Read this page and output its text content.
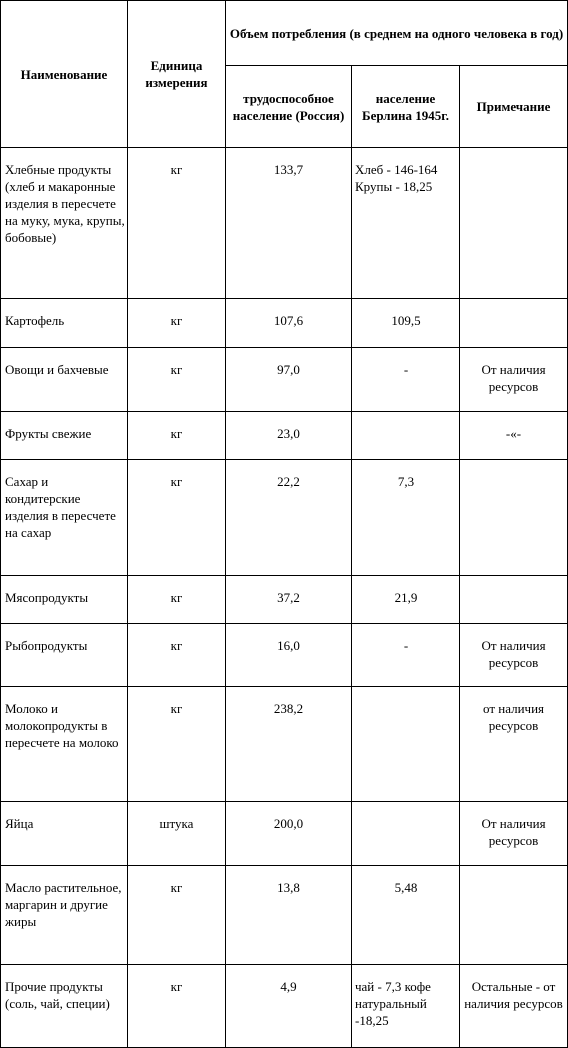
Наименование	Единица измерения	Объем потребления (в среднем на одного человека в год)		
		трудоспособное население (Россия)	население Берлина 1945г.	Примечание

Хлебные продукты (хлеб и макаронные изделия в пересчете на муку, мука, крупы, бобовые)	кг	133,7	Хлеб - 146-164 Крупы - 18,25	

Картофель	кг	107,6	109,5	

Овощи и бахчевые	кг	97,0	-	От наличия ресурсов

Фрукты свежие	кг	23,0		-«-

Сахар и кондитерские изделия в пересчете на сахар	кг	22,2	7,3	

Мясопродукты	кг	37,2	21,9	

Рыбопродукты	кг	16,0	-	От наличия ресурсов

Молоко и молокопродукты в пересчете на молоко	кг	238,2		от наличия ресурсов

Яйца	штука	200,0		От наличия ресурсов

Масло растительное, маргарин и другие жиры	кг	13,8	5,48	

Прочие продукты (соль, чай, специи)	кг	4,9	чай - 7,3 кофе натуральный -18,25	Остальные - от наличия ресурсов
